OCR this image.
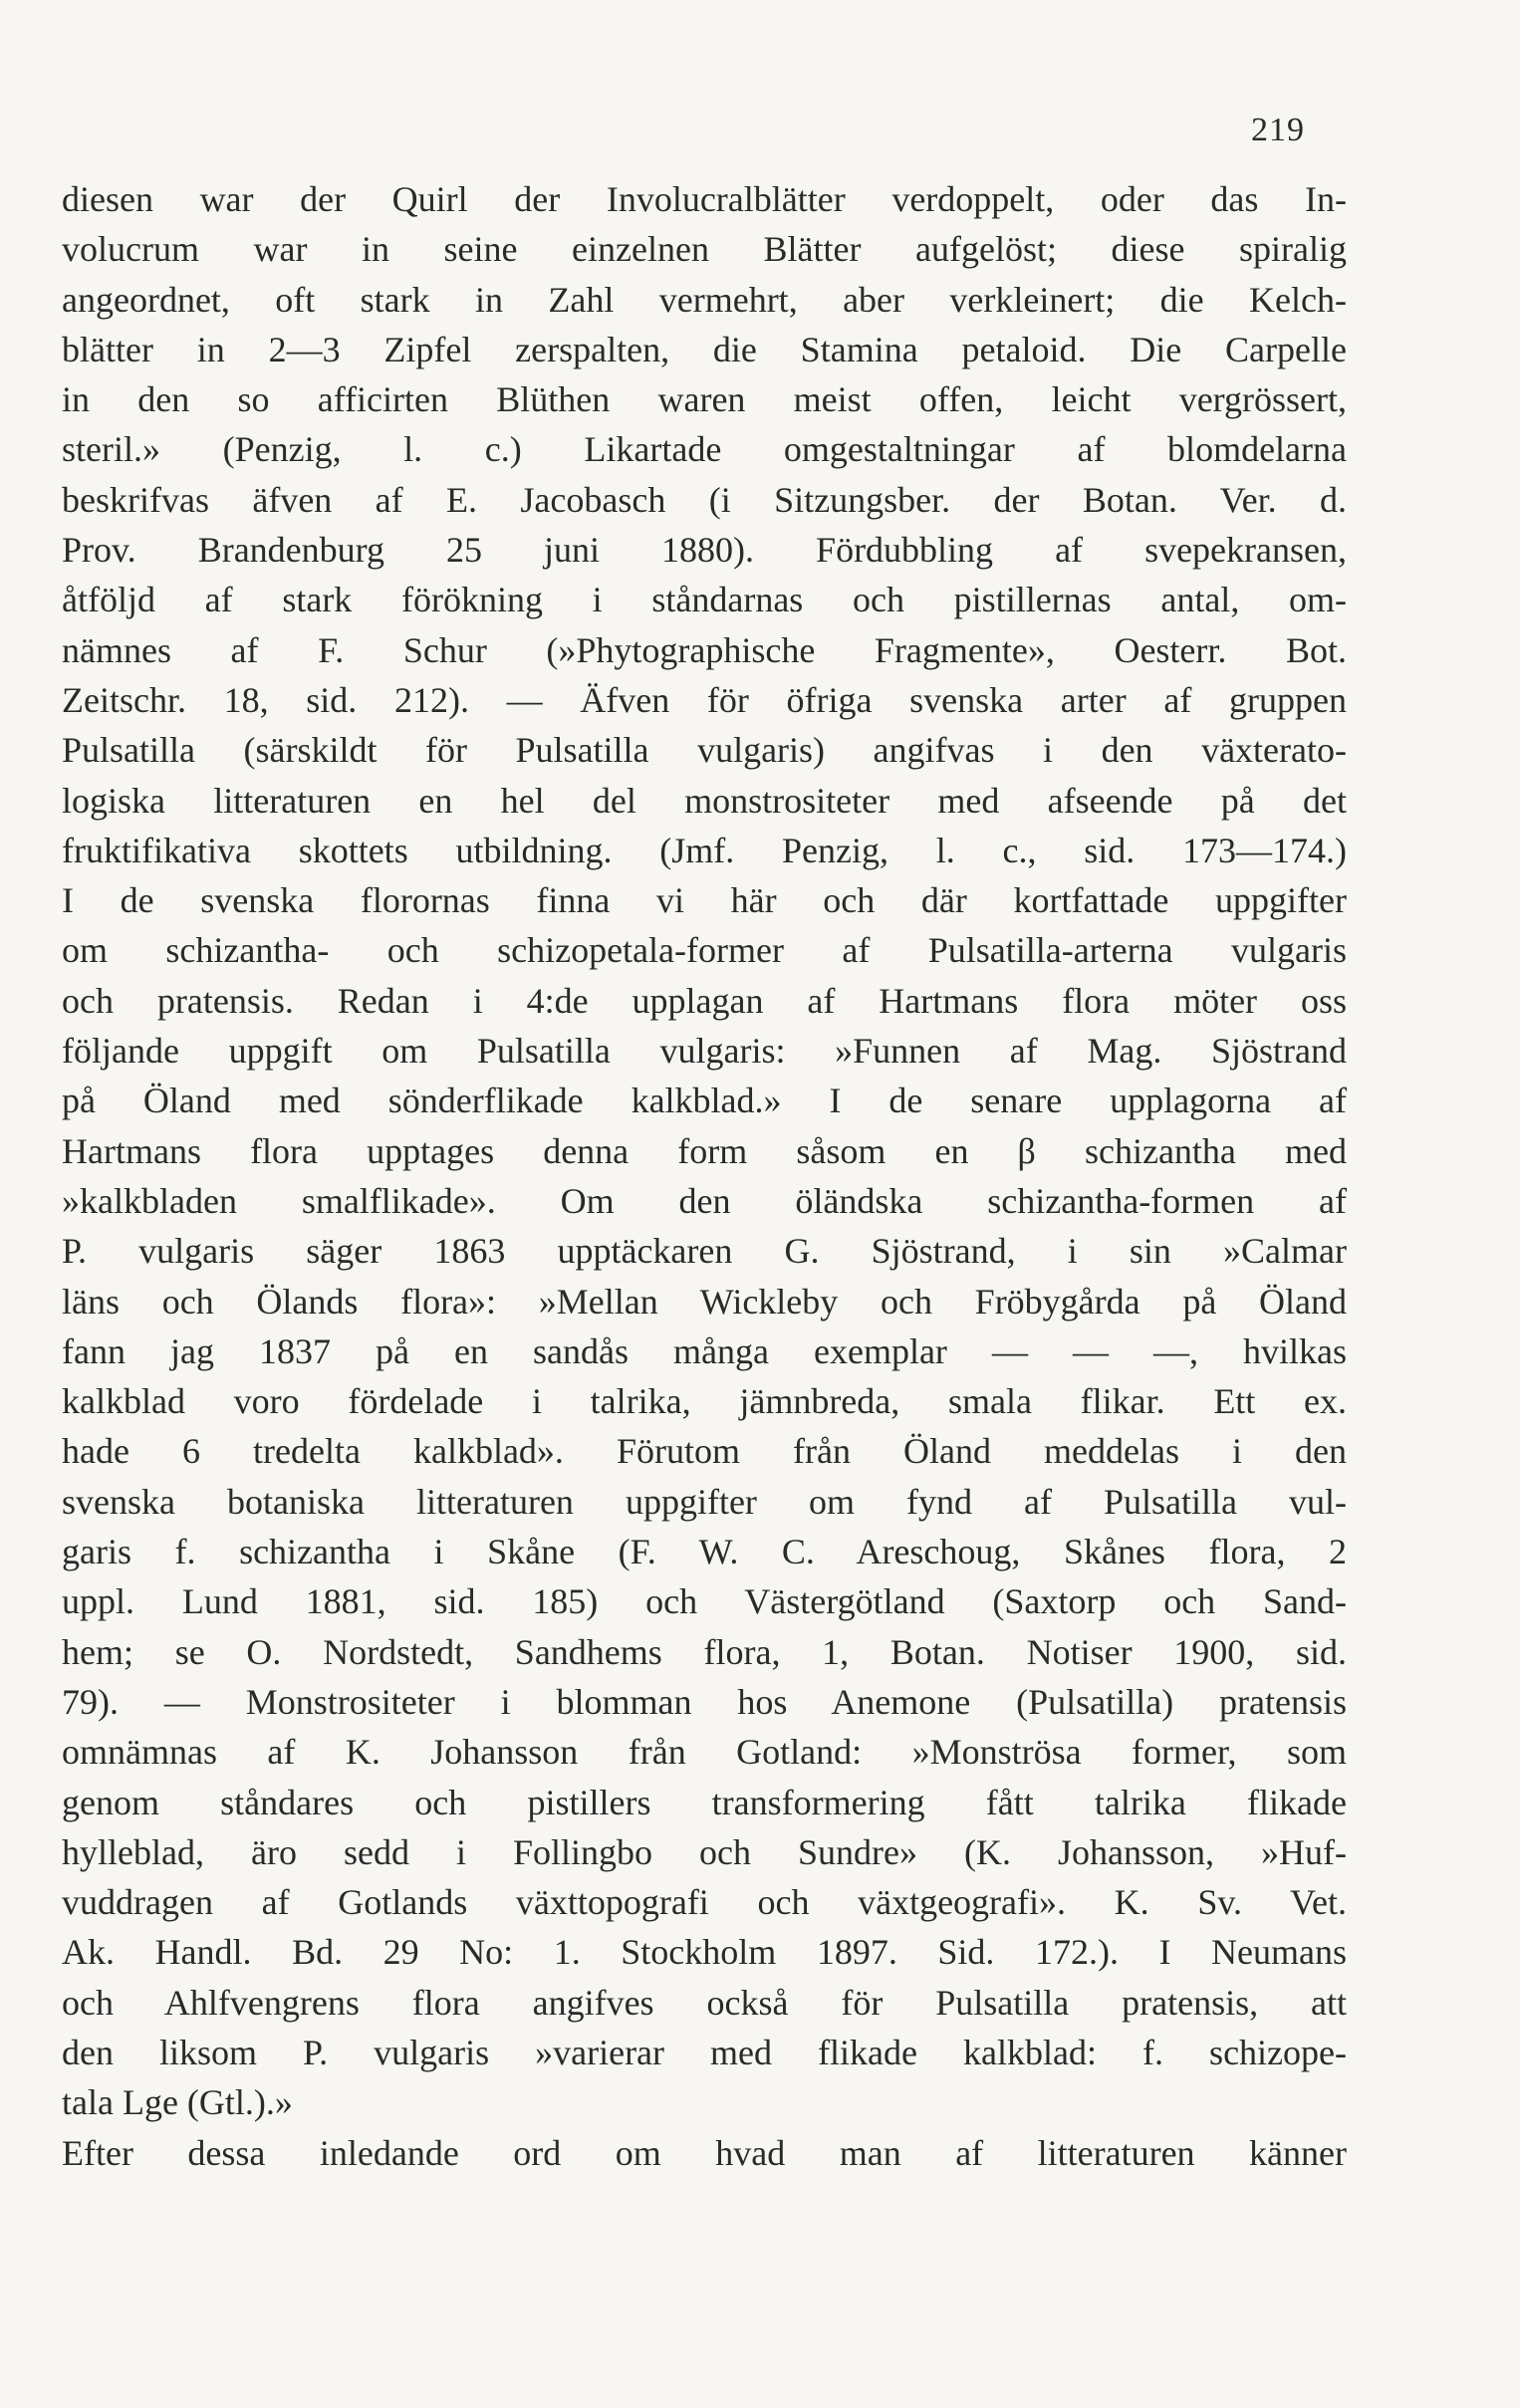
219
diesen war der Quirl der Involucralblätter verdoppelt, oder das In-
volucrum war in seine einzelnen Blätter aufgelöst; diese spiralig
angeordnet, oft stark in Zahl vermehrt, aber verkleinert; die Kelch-
blätter in 2—3 Zipfel zerspalten, die Stamina petaloid. Die Carpelle
in den so afficirten Blüthen waren meist offen, leicht vergrössert,
steril.» (Penzig, l. c.) Likartade omgestaltningar af blomdelarna
beskrifvas äfven af E. Jacobasch (i Sitzungsber. der Botan. Ver. d.
Prov. Brandenburg 25 juni 1880). Fördubbling af svepekransen,
åtföljd af stark förökning i ståndarnas och pistillernas antal, om-
nämnes af F. Schur (»Phytographische Fragmente», Oesterr. Bot.
Zeitschr. 18, sid. 212). — Äfven för öfriga svenska arter af gruppen
Pulsatilla (särskildt för Pulsatilla vulgaris) angifvas i den växterato-
logiska litteraturen en hel del monstrositeter med afseende på det
fruktifikativa skottets utbildning. (Jmf. Penzig, l. c., sid. 173—174.)
I de svenska florornas finna vi här och där kortfattade uppgifter
om schizantha- och schizopetala-former af Pulsatilla-arterna vulgaris
och pratensis. Redan i 4:de upplagan af Hartmans flora möter oss
följande uppgift om Pulsatilla vulgaris: »Funnen af Mag. Sjöstrand
på Öland med sönderflikade kalkblad.» I de senare upplagorna af
Hartmans flora upptages denna form såsom en β schizantha med
»kalkbladen smalflikade». Om den öländska schizantha-formen af
P. vulgaris säger 1863 upptäckaren G. Sjöstrand, i sin »Calmar
läns och Ölands flora»: »Mellan Wickleby och Fröbygårda på Öland
fann jag 1837 på en sandås många exemplar — — —, hvilkas
kalkblad voro fördelade i talrika, jämnbreda, smala flikar. Ett ex.
hade 6 tredelta kalkblad». Förutom från Öland meddelas i den
svenska botaniska litteraturen uppgifter om fynd af Pulsatilla vul-
garis f. schizantha i Skåne (F. W. C. Areschoug, Skånes flora, 2
uppl. Lund 1881, sid. 185) och Västergötland (Saxtorp och Sand-
hem; se O. Nordstedt, Sandhems flora, 1, Botan. Notiser 1900, sid.
79). — Monstrositeter i blomman hos Anemone (Pulsatilla) pratensis
omnämnas af K. Johansson från Gotland: »Monströsa former, som
genom ståndares och pistillers transformering fått talrika flikade
hylleblad, äro sedd i Follingbo och Sundre» (K. Johansson, »Huf-
vuddragen af Gotlands växttopografi och växtgeografi». K. Sv. Vet.
Ak. Handl. Bd. 29 No: 1. Stockholm 1897. Sid. 172.). I Neumans
och Ahlfvengrens flora angifves också för Pulsatilla pratensis, att
den liksom P. vulgaris »varierar med flikade kalkblad: f. schizope-
tala Lge (Gtl.).»
Efter dessa inledande ord om hvad man af litteraturen känner
